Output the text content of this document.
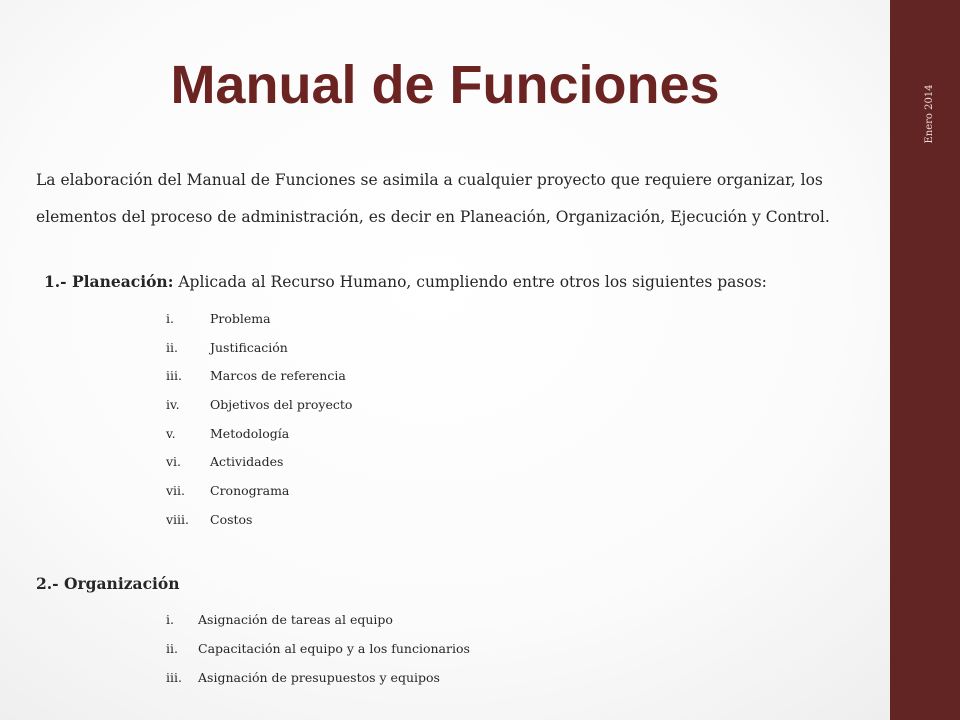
Enero 2014
Manual de Funciones
La elaboración del Manual de Funciones se asimila a cualquier proyecto que requiere organizar, los elementos del proceso de administración, es decir en Planeación, Organización, Ejecución y Control.
1.- Planeación: Aplicada al Recurso Humano, cumpliendo entre otros los siguientes pasos:
i.	Problema
ii.	Justificación
iii. Marcos de referencia
iv. Objetivos del proyecto
v.	Metodología
vi. Actividades
vii. Cronograma
viii. Costos
2.- Organización
i. Asignación de tareas al equipo
ii. Capacitación al equipo y a los funcionarios
iii. Asignación de presupuestos y equipos
